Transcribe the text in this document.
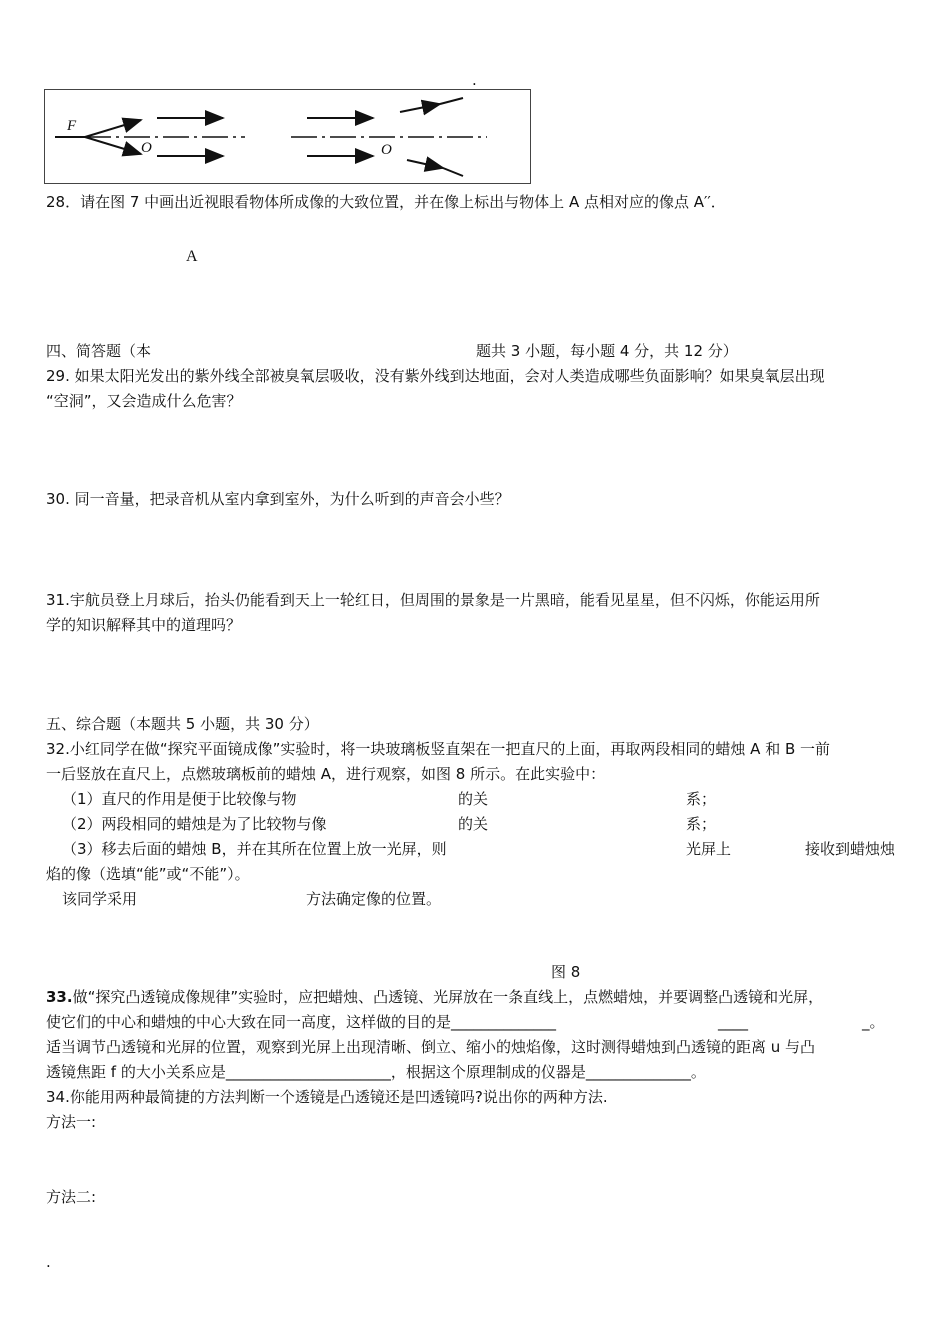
.
F
O	O
28．请在图 7 中画出近视眼看物体所成像的大致位置，并在像上标出与物体上 A 点相对应的像点 A′′．
A
四、简答题（本	题共 3 小题，每小题 4 分，共 12 分）
29. 如果太阳光发出的紫外线全部被臭氧层吸收，没有紫外线到达地面，会对人类造成哪些负面影响？如果臭氧层出现
“空洞”，又会造成什么危害？
30. 同一音量，把录音机从室内拿到室外，为什么听到的声音会小些？
31.宇航员登上月球后，抬头仍能看到天上一轮红日，但周围的景象是一片黑暗，能看见星星，但不闪烁，你能运用所
学的知识解释其中的道理吗？
五、综合题（本题共 5 小题，共 30 分）
32.小红同学在做“探究平面镜成像”实验时，将一块玻璃板竖直架在一把直尺的上面，再取两段相同的蜡烛 A 和 B 一前
一后竖放在直尺上，点燃玻璃板前的蜡烛 A，进行观察，如图 8 所示。在此实验中：
（1）直尺的作用是便于比较像与物	的关	系；
（2）两段相同的蜡烛是为了比较物与像	的关	系；
（3）移去后面的蜡烛 B，并在其所在位置上放一光屏，则	光屏上	接收到蜡烛烛
焰的像（选填“能”或“不能”）。
该同学采用	方法确定像的位置。
图 8
33.做“探究凸透镜成像规律”实验时，应把蜡烛、凸透镜、光屏放在一条直线上，点燃蜡烛，并要调整凸透镜和光屏，
使它们的中心和蜡烛的中心大致在同一高度，这样做的目的是______________	____	_。
适当调节凸透镜和光屏的位置，观察到光屏上出现清晰、倒立、缩小的烛焰像，这时测得蜡烛到凸透镜的距离 u 与凸
透镜焦距 f 的大小关系应是______________________，根据这个原理制成的仪器是______________。
34.你能用两种最简捷的方法判断一个透镜是凸透镜还是凹透镜吗?说出你的两种方法.
方法一:
方法二:
.
